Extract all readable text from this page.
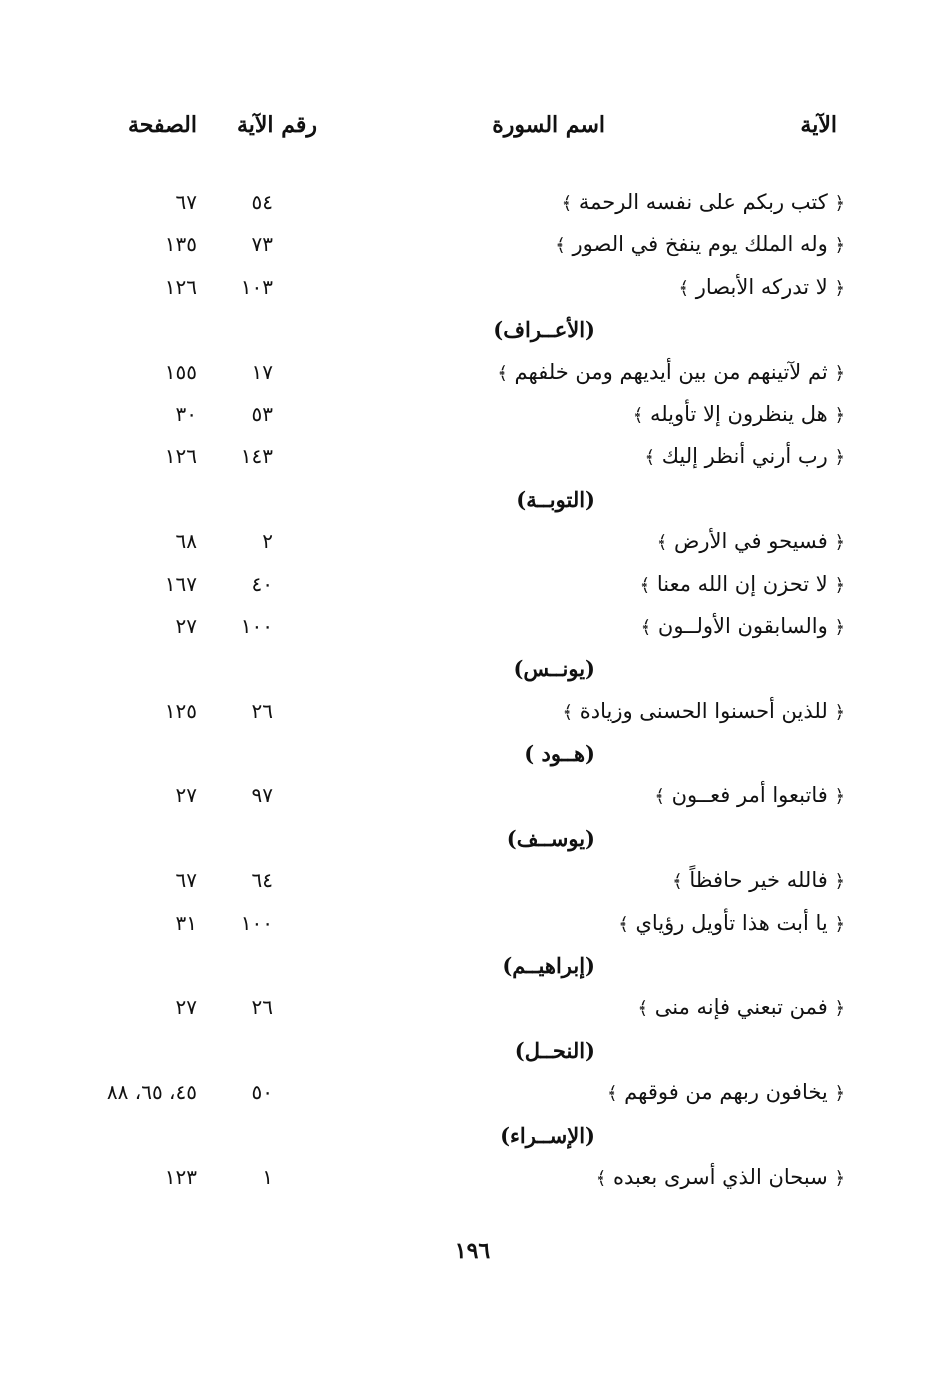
الآية
اسم السورة
رقم الآية
الصفحة
﴿ كتب ربكم على نفسه الرحمة ﴾
٥٤
٦٧
﴿ وله الملك يوم ينفخ في الصور ﴾
٧٣
١٣٥
﴿ لا تدركه الأبصار ﴾
١٠٣
١٢٦
(الأعــراف)
﴿ ثم لآتينهم من بين أيديهم ومن خلفهم ﴾
١٧
١٥٥
﴿ هل ينظرون إلا تأويله ﴾
٥٣
٣٠
﴿ رب أرني أنظر إليك ﴾
١٤٣
١٢٦
(التوبــة)
﴿ فسيحو في الأرض ﴾
٢
٦٨
﴿ لا تحزن إن الله معنا ﴾
٤٠
١٦٧
﴿ والسابقون الأولــون ﴾
١٠٠
٢٧
(يونــس)
﴿ للذين أحسنوا الحسنى وزيادة ﴾
٢٦
١٢٥
(هــود )
﴿ فاتبعوا أمر فعــون ﴾
٩٧
٢٧
(يوســف)
﴿ فالله خير حافظاً ﴾
٦٤
٦٧
﴿ يا أبت هذا تأويل رؤياي ﴾
١٠٠
٣١
(إبراهيــم)
﴿ فمن تبعني فإنه منى ﴾
٢٦
٢٧
(النحــل)
﴿ يخافون ربهم من فوقهم ﴾
٥٠
٤٥، ٦٥، ٨٨
(الإســراء)
﴿ سبحان الذي أسرى بعبده ﴾
١
١٢٣
١٩٦
